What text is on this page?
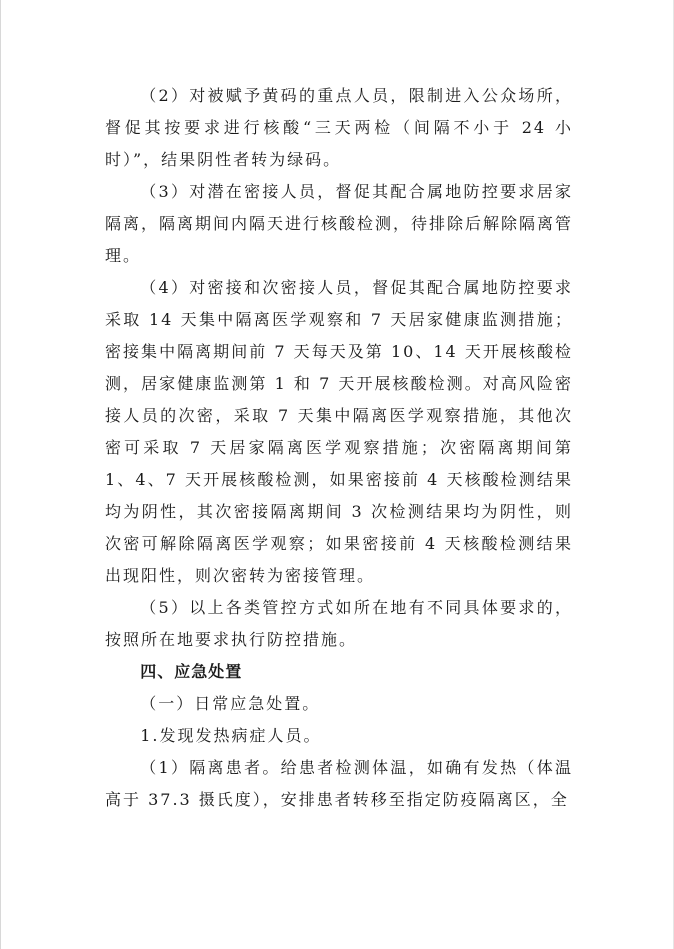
（2）对被赋予黄码的重点人员，限制进入公众场所，督促其按要求进行核酸“三天两检（间隔不小于 24 小时）”，结果阴性者转为绿码。

（3）对潜在密接人员，督促其配合属地防控要求居家隔离，隔离期间内隔天进行核酸检测，待排除后解除隔离管理。

（4）对密接和次密接人员，督促其配合属地防控要求采取 14 天集中隔离医学观察和 7 天居家健康监测措施；密接集中隔离期间前 7 天每天及第 10、14 天开展核酸检测，居家健康监测第 1 和 7 天开展核酸检测。对高风险密接人员的次密，采取 7 天集中隔离医学观察措施，其他次密可采取 7 天居家隔离医学观察措施；次密隔离期间第 1、4、7 天开展核酸检测，如果密接前 4 天核酸检测结果均为阴性，其次密接隔离期间 3 次检测结果均为阴性，则次密可解除隔离医学观察；如果密接前 4 天核酸检测结果出现阳性，则次密转为密接管理。

（5）以上各类管控方式如所在地有不同具体要求的，按照所在地要求执行防控措施。

四、应急处置

（一）日常应急处置。

1.发现发热病症人员。

（1）隔离患者。给患者检测体温，如确有发热（体温高于 37.3 摄氏度），安排患者转移至指定防疫隔离区，全
